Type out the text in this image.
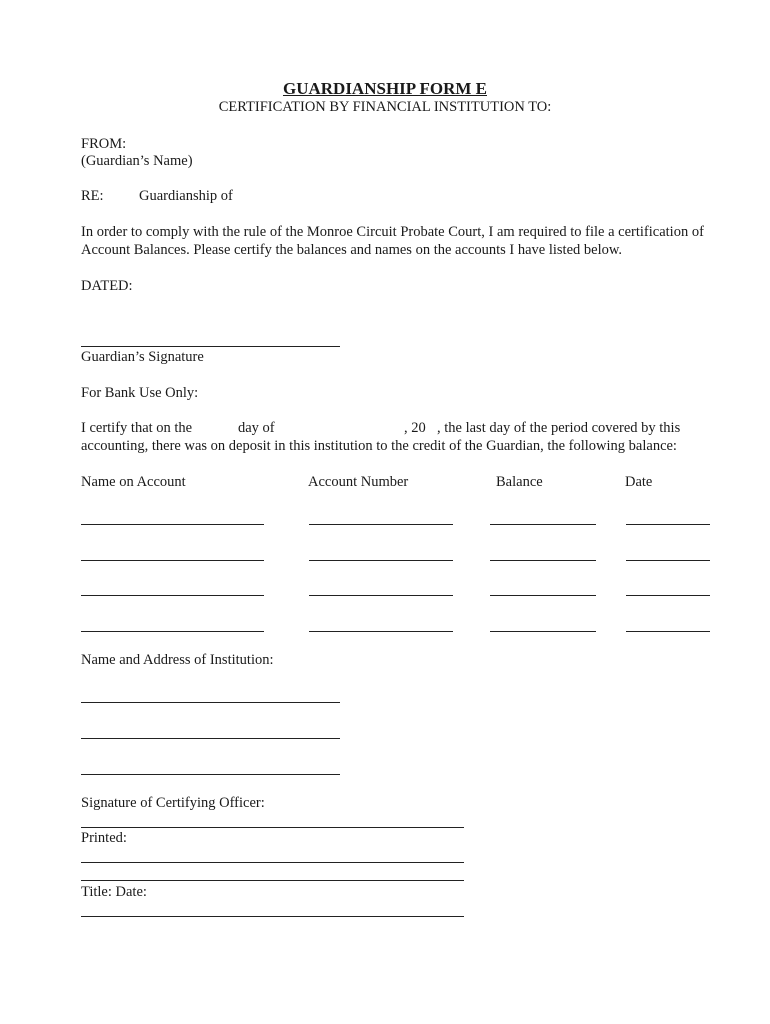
GUARDIANSHIP FORM E
CERTIFICATION BY FINANCIAL INSTITUTION TO:
FROM:
(Guardian’s Name)
RE: Guardianship of
In order to comply with the rule of the Monroe Circuit Probate Court, I am required to file a certification of
Account Balances. Please certify the balances and names on the accounts I have listed below.
DATED:
Guardian’s Signature
For Bank Use Only:
I certify that on the	day of	, 20 , the last day of the period covered by this
accounting, there was on deposit in this institution to the credit of the Guardian, the following balance:
Name on Account	Account Number	Balance	Date
Name and Address of Institution:
Signature of Certifying Officer:
Printed:
Title: Date:
